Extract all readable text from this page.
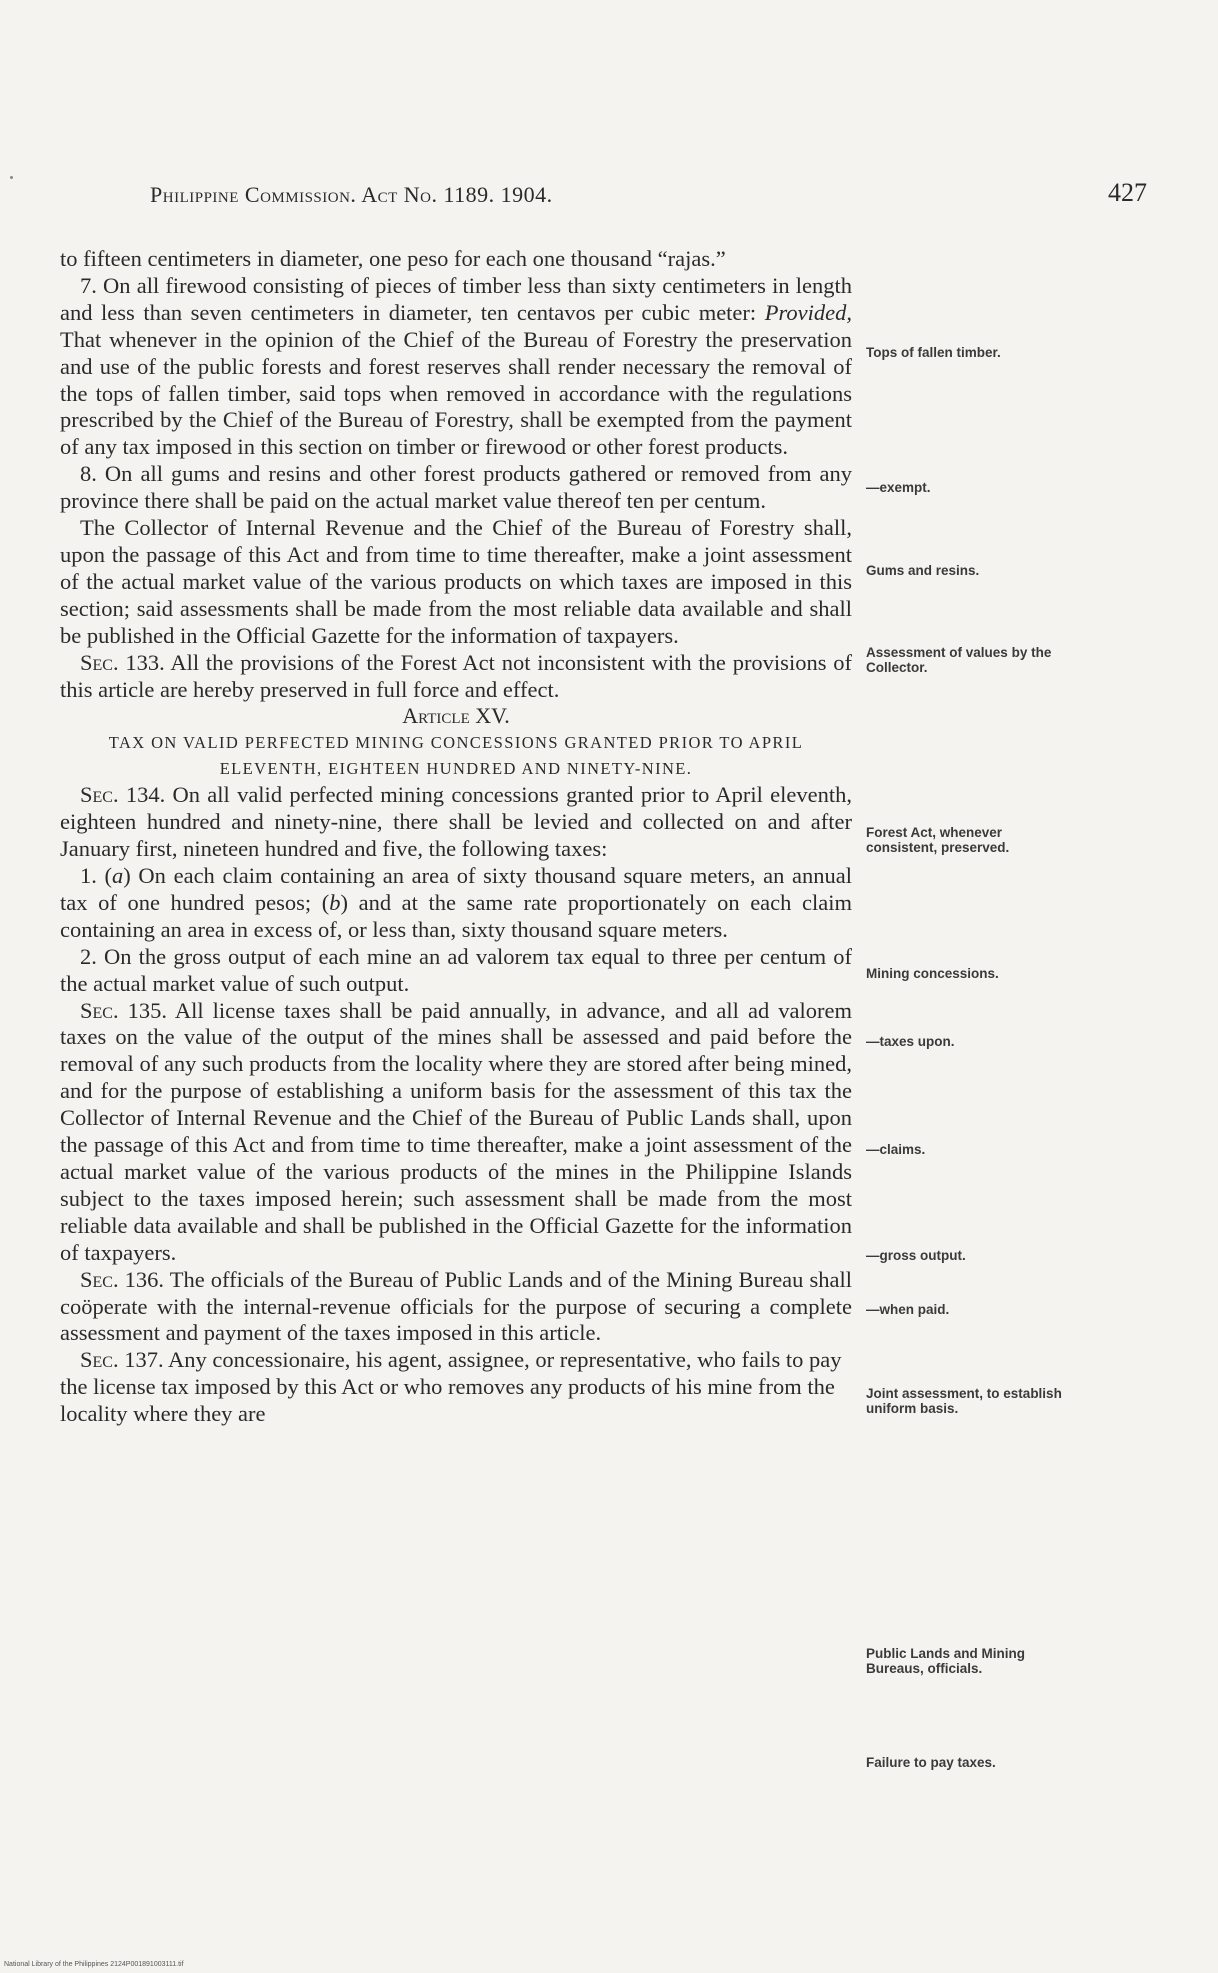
Philippine Commission. Act No. 1189. 1904.	427

to fifteen centimeters in diameter, one peso for each one thousand “rajas.”

7. On all firewood consisting of pieces of timber less than sixty centimeters in length and less than seven centimeters in diameter, ten centavos per cubic meter: Provided, That whenever in the opinion of the Chief of the Bureau of Forestry the preservation and use of the public forests and forest reserves shall render necessary the removal of the tops of fallen timber, said tops when removed in accordance with the regulations prescribed by the Chief of the Bureau of Forestry, shall be exempted from the payment of any tax imposed in this section on timber or firewood or other forest products.

8. On all gums and resins and other forest products gathered or removed from any province there shall be paid on the actual market value thereof ten per centum.

The Collector of Internal Revenue and the Chief of the Bureau of Forestry shall, upon the passage of this Act and from time to time thereafter, make a joint assessment of the actual market value of the various products on which taxes are imposed in this section; said assessments shall be made from the most reliable data available and shall be published in the Official Gazette for the information of taxpayers.

Sec. 133. All the provisions of the Forest Act not inconsistent with the provisions of this article are hereby preserved in full force and effect.

Article XV.

TAX ON VALID PERFECTED MINING CONCESSIONS GRANTED PRIOR TO APRIL ELEVENTH, EIGHTEEN HUNDRED AND NINETY-NINE.

Sec. 134. On all valid perfected mining concessions granted prior to April eleventh, eighteen hundred and ninety-nine, there shall be levied and collected on and after January first, nineteen hundred and five, the following taxes:

1. (a) On each claim containing an area of sixty thousand square meters, an annual tax of one hundred pesos; (b) and at the same rate proportionately on each claim containing an area in excess of, or less than, sixty thousand square meters.

2. On the gross output of each mine an ad valorem tax equal to three per centum of the actual market value of such output.

Sec. 135. All license taxes shall be paid annually, in advance, and all ad valorem taxes on the value of the output of the mines shall be assessed and paid before the removal of any such products from the locality where they are stored after being mined, and for the purpose of establishing a uniform basis for the assessment of this tax the Collector of Internal Revenue and the Chief of the Bureau of Public Lands shall, upon the passage of this Act and from time to time thereafter, make a joint assessment of the actual market value of the various products of the mines in the Philippine Islands subject to the taxes imposed herein; such assessment shall be made from the most reliable data available and shall be published in the Official Gazette for the information of taxpayers.

Sec. 136. The officials of the Bureau of Public Lands and of the Mining Bureau shall coöperate with the internal-revenue officials for the purpose of securing a complete assessment and payment of the taxes imposed in this article.

Sec. 137. Any concessionaire, his agent, assignee, or representative, who fails to pay the license tax imposed by this Act or who removes any products of his mine from the locality where they are

Tops of fallen timber.
—exempt.
Gums and resins.
Assessment of values by the Collector.
Forest Act, whenever consistent, preserved.
Mining concessions.
—taxes upon.
—claims.
—gross output.
—when paid.
Joint assessment, to establish uniform basis.
Public Lands and Mining Bureaus, officials.
Failure to pay taxes.
National Library of the Philippines 2124P001891003111.tif
